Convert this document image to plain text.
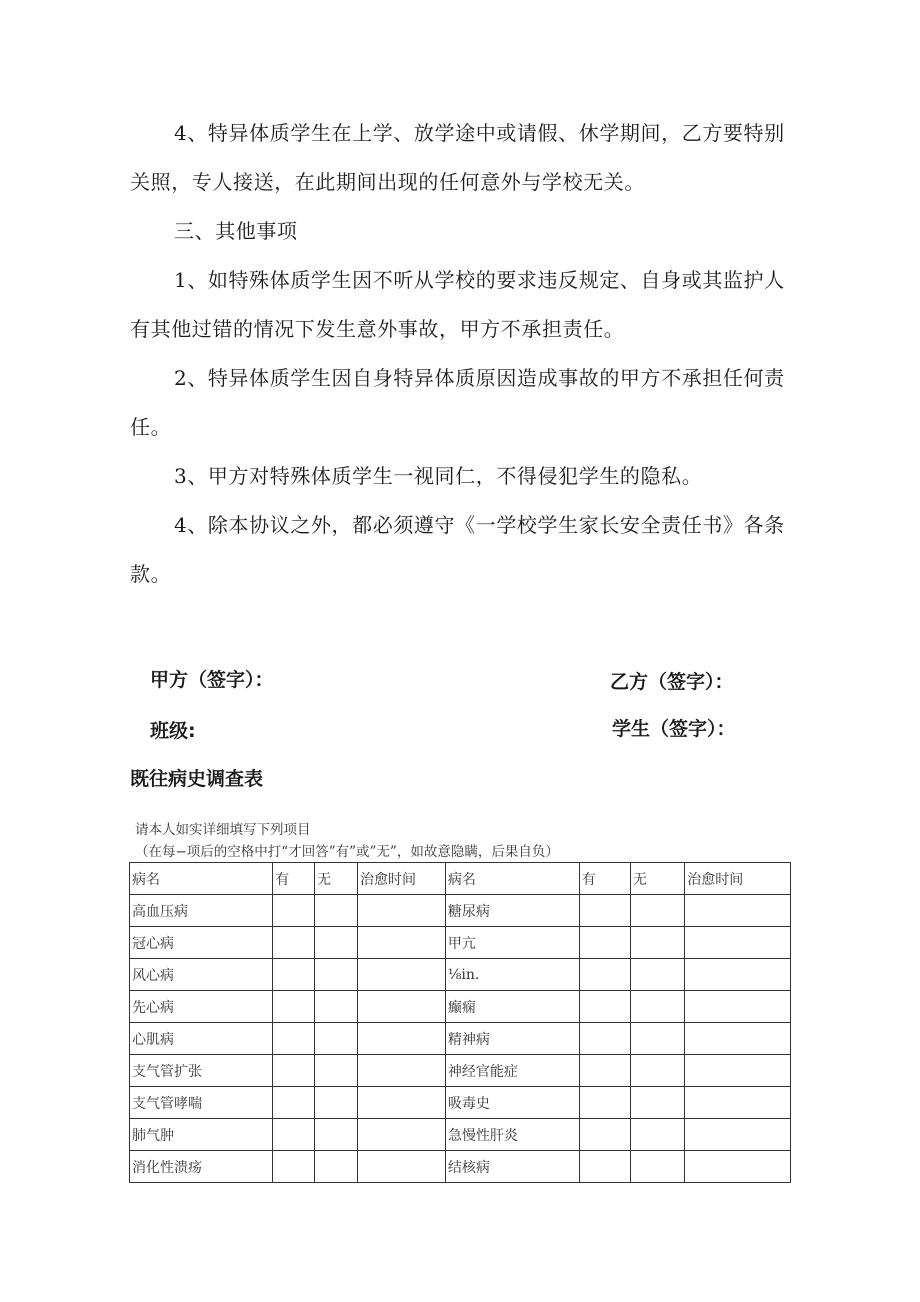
4、特异体质学生在上学、放学途中或请假、休学期间，乙方要特别关照，专人接送，在此期间出现的任何意外与学校无关。

三、其他事项

1、如特殊体质学生因不听从学校的要求违反规定、自身或其监护人有其他过错的情况下发生意外事故，甲方不承担责任。

2、特异体质学生因自身特异体质原因造成事故的甲方不承担任何责任。

3、甲方对特殊体质学生一视同仁，不得侵犯学生的隐私。

4、除本协议之外，都必须遵守《一学校学生家长安全责任书》各条款。

甲方（签字）：	乙方（签字）：

班级:	学生（签字）：

既往病史调查表

请本人如实详细填写下列项目

（在每−项后的空格中打“才回答”有”或”无”，如故意隐瞒，后果自负）

病名	有	无	治愈时间	病名	有	无	治愈时间
高血压病				糖尿病			
冠心病				甲亢			
风心病				⅛in.			
先心病				癫痫			
心肌病				精神病			
支气管扩张				神经官能症			
支气管哮喘				吸毒史			
肺气肿				急慢性肝炎			
消化性溃疡				结核病			
